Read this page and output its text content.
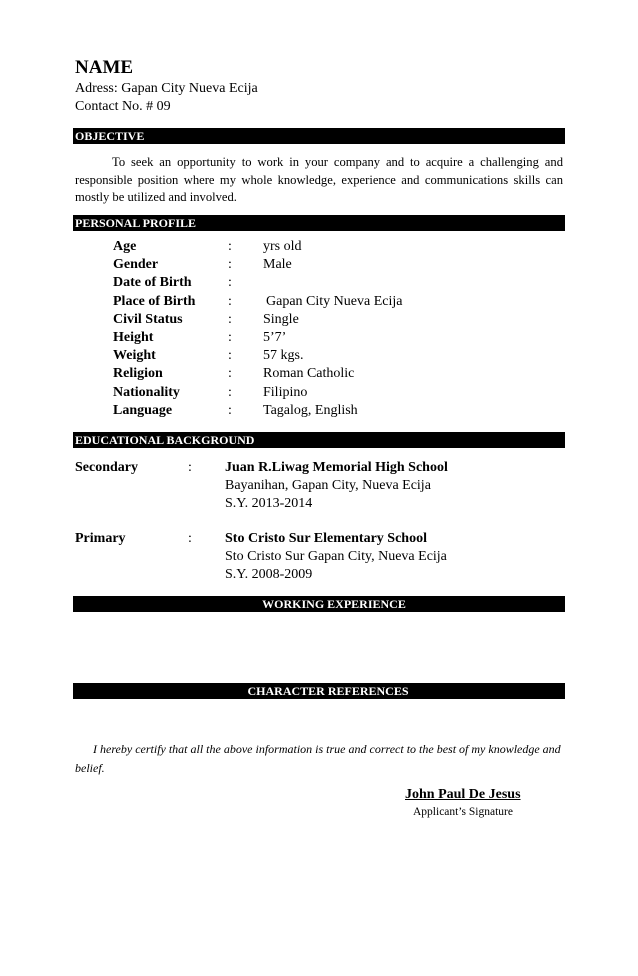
NAME
Adress: Gapan City Nueva Ecija
Contact No. # 09
OBJECTIVE
To seek an opportunity to work in your company and to acquire a challenging and responsible position where my whole knowledge, experience and communications skills can mostly be utilized and involved.
PERSONAL PROFILE
Age	: yrs old
Gender	: Male
Date of Birth	:
Place of Birth : Gapan City Nueva Ecija
Civil Status	: Single
Height	: 5’7’
Weight	: 57 kgs.
Religion	: Roman Catholic
Nationality	: Filipino
Language	: Tagalog, English
EDUCATIONAL BACKGROUND
Secondary	: Juan R.Liwag Memorial High School
Bayanihan, Gapan City, Nueva Ecija
S.Y. 2013-2014
Primary	: Sto Cristo Sur Elementary School
Sto Cristo Sur Gapan City, Nueva Ecija
S.Y. 2008-2009
WORKING EXPERIENCE
CHARACTER REFERENCES
I hereby certify that all the above information is true and correct to the best of my knowledge and belief.
John Paul De Jesus
Applicant’s Signature
